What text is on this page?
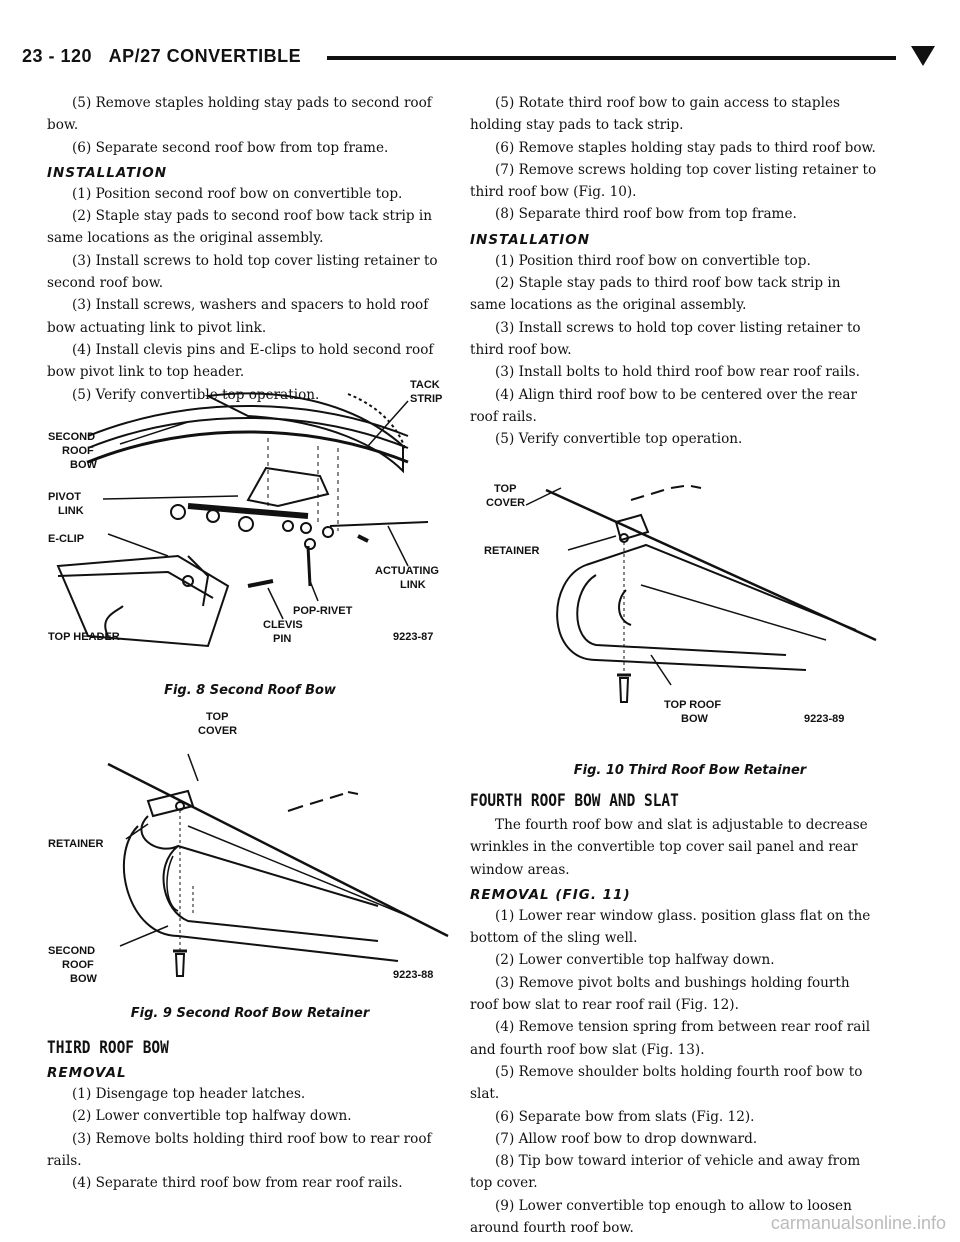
23 - 120 AP/27 CONVERTIBLE

(5) Remove staples holding stay pads to second roof bow.

(6) Separate second roof bow from top frame.

INSTALLATION

(1) Position second roof bow on convertible top.

(2) Staple stay pads to second roof bow tack strip in same locations as the original assembly.

(3) Install screws to hold top cover listing retainer to second roof bow.

(3) Install screws, washers and spacers to hold roof bow actuating link to pivot link.

(4) Install clevis pins and E-clips to hold second roof bow pivot link to top header.

(5) Verify convertible top operation.

TACK
STRIP
SECOND
ROOF
BOW
PIVOT
LINK
E-CLIP
ACTUATING
LINK
POP-RIVET
CLEVIS
PIN
TOP HEADER	9223-87
Fig. 8 Second Roof Bow
TOP
COVER
RETAINER
SECOND
ROOF
BOW	9223-88
Fig. 9 Second Roof Bow Retainer
THIRD ROOF BOW
REMOVAL

(1) Disengage top header latches.

(2) Lower convertible top halfway down.

(3) Remove bolts holding third roof bow to rear roof rails.

(4) Separate third roof bow from rear roof rails.

(5) Rotate third roof bow to gain access to staples holding stay pads to tack strip.

(6) Remove staples holding stay pads to third roof bow.

(7) Remove screws holding top cover listing retainer to third roof bow (Fig. 10).

(8) Separate third roof bow from top frame.

INSTALLATION

(1) Position third roof bow on convertible top.

(2) Staple stay pads to third roof bow tack strip in same locations as the original assembly.

(3) Install screws to hold top cover listing retainer to third roof bow.

(3) Install bolts to hold third roof bow rear roof rails.

(4) Align third roof bow to be centered over the rear roof rails.

(5) Verify convertible top operation.

TOP
COVER
RETAINER
TOP ROOF
BOW	9223-89
Fig. 10 Third Roof Bow Retainer
FOURTH ROOF BOW AND SLAT

The fourth roof bow and slat is adjustable to decrease wrinkles in the convertible top cover sail panel and rear window areas.

REMOVAL (FIG. 11)

(1) Lower rear window glass. position glass flat on the bottom of the sling well.

(2) Lower convertible top halfway down.

(3) Remove pivot bolts and bushings holding fourth roof bow slat to rear roof rail (Fig. 12).

(4) Remove tension spring from between rear roof rail and fourth roof bow slat (Fig. 13).

(5) Remove shoulder bolts holding fourth roof bow to slat.

(6) Separate bow from slats (Fig. 12).

(7) Allow roof bow to drop downward.

(8) Tip bow toward interior of vehicle and away from top cover.

(9) Lower convertible top enough to allow to loosen around fourth roof bow.	carmanualsonline.info
